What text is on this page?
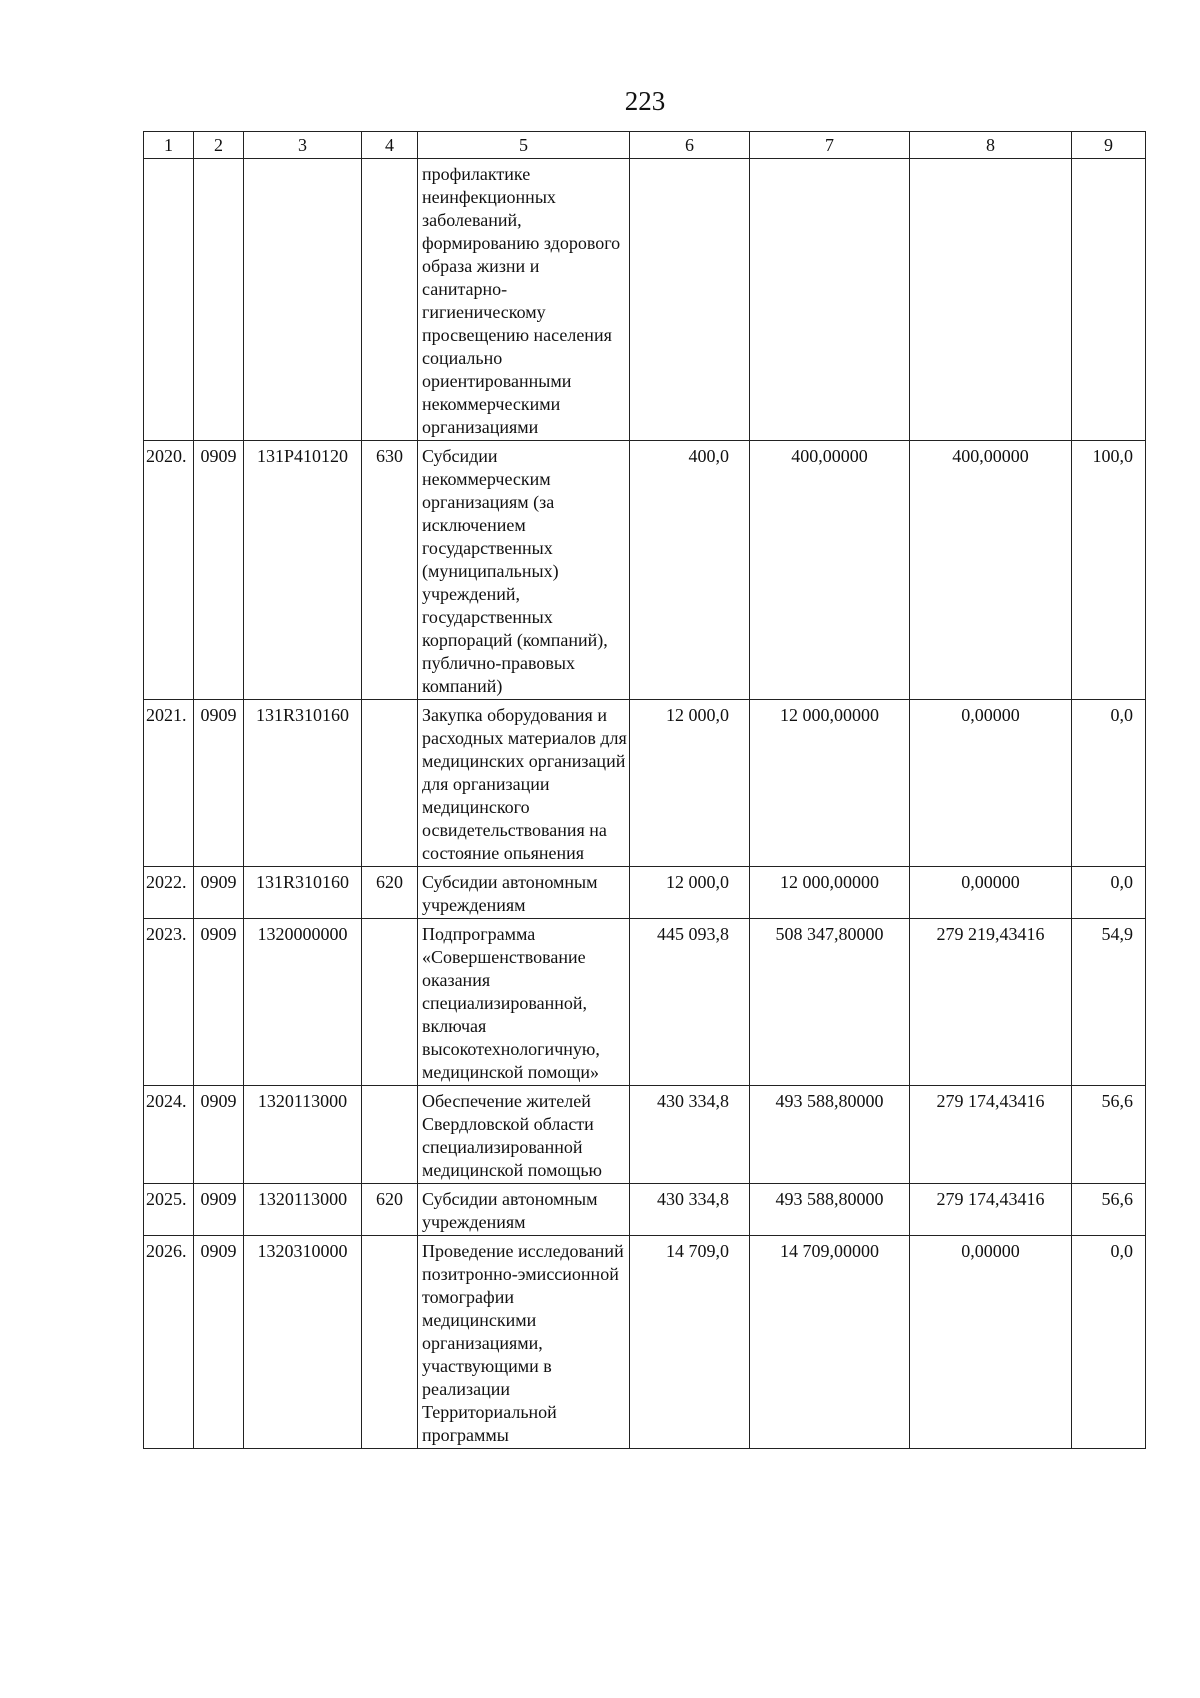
223
1	2	3	4	5	6	7	8	9
				профилактике неинфекционных заболеваний, формированию здорового образа жизни и санитарно-гигиеническому просвещению населения социально ориентированными некоммерческими организациями				
2020.	0909	131P410120	630	Субсидии некоммерческим организациям (за исключением государственных (муниципальных) учреждений, государственных корпораций (компаний), публично-правовых компаний)	400,0	400,00000	400,00000	100,0
2021.	0909	131R310160		Закупка оборудования и расходных материалов для медицинских организаций для организации медицинского освидетельствования на состояние опьянения	12 000,0	12 000,00000	0,00000	0,0
2022.	0909	131R310160	620	Субсидии автономным учреждениям	12 000,0	12 000,00000	0,00000	0,0
2023.	0909	1320000000		Подпрограмма «Совершенствование оказания специализированной, включая высокотехнологичную, медицинской помощи»	445 093,8	508 347,80000	279 219,43416	54,9
2024.	0909	1320113000		Обеспечение жителей Свердловской области специализированной медицинской помощью	430 334,8	493 588,80000	279 174,43416	56,6
2025.	0909	1320113000	620	Субсидии автономным учреждениям	430 334,8	493 588,80000	279 174,43416	56,6
2026.	0909	1320310000		Проведение исследований позитронно-эмиссионной томографии медицинскими организациями, участвующими в реализации Территориальной программы	14 709,0	14 709,00000	0,00000	0,0
